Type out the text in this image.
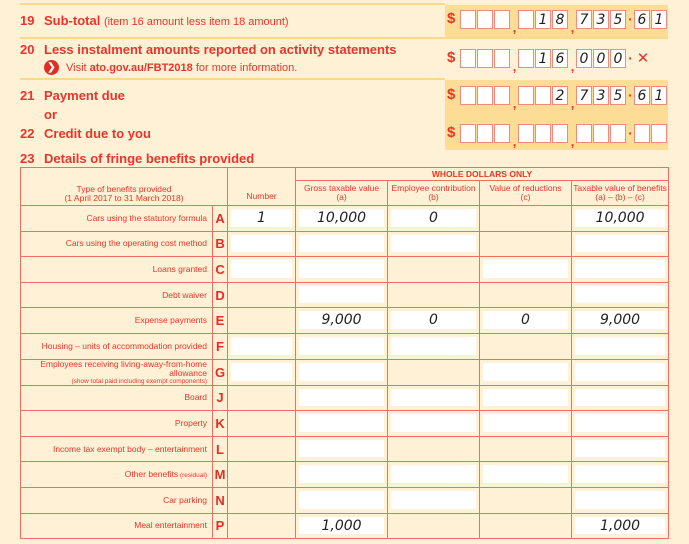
19 Sub-total (item 16 amount less item 18 amount)	$
, 1 8 , 7 3 5 · 6 1
20 Less instalment amounts reported on activity statements
❯ Visit
ato.gov.au/FBT2018
for more information.
$
, 1 6 , 0 0 0 · ✕
21 Payment due
or
$
,	2 , 7 3 5 · 6 1
22 Credit due to you	$
,	,
·
23 Details of fringe benefits provided
Type of benefits provided
(1 April 2017 to 31 March 2018)		Number	WHOLE DOLLARS ONLY			
			Gross taxable value
(a)	Employee contribution
(b)	Value of reductions
(c)	Taxable value of benefits
(a) – (b) – (c)
Cars using the statutory formula	A	1	10,000	0		10,000

Cars using the operating cost method	B	

Loans granted	C	

Debt waiver	D		

Expense payments	E		9,000	0	0	9,000

Housing – units of accommodation provided	F	

Employees receiving living-away-from-home allowance
(show total paid including exempt components)	G	

Board	J		

Property	K		

Income tax exempt body – entertainment	L		

Other benefits (residual)	M		

Car parking	N		

Meal entertainment	P		1,000			1,000
